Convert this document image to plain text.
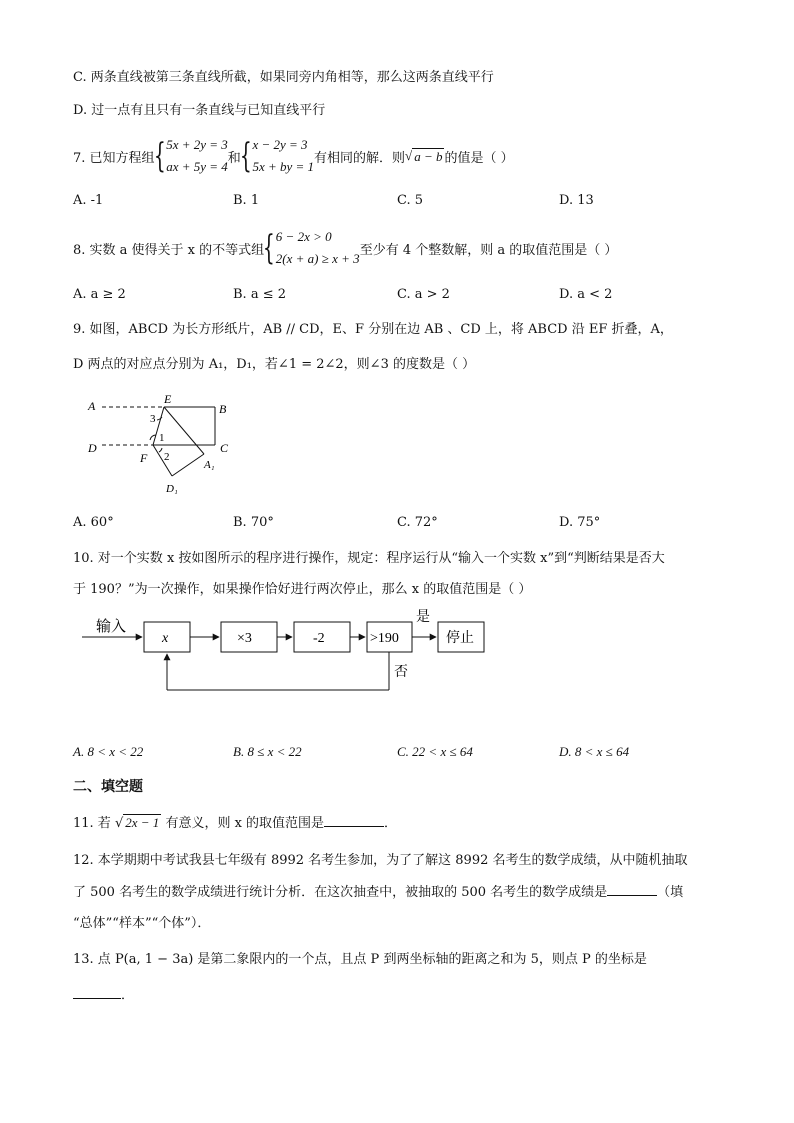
C. 两条直线被第三条直线所截，如果同旁内角相等，那么这两条直线平行
D. 过一点有且只有一条直线与已知直线平行
7. 已知方程组
{ 5x + 2y = 3
ax + 5y = 4
和
{ x − 2y = 3
5x + by = 1
有相同的解．则 √ a − b 的值是（ ）
A. -1	B. 1	C. 5	D. 13
8. 实数 a 使得关于 x 的不等式组
{ 6 − 2x > 0
2(x + a) ≥ x + 3
至少有 4 个整数解，则 a 的取值范围是（ ）
A. a ≥ 2	B. a ≤ 2	C. a > 2	D. a < 2
9. 如图，ABCD 为长方形纸片，AB // CD，E、F 分别在边 AB 、CD 上，将 ABCD 沿 EF 折叠，A，
D 两点的对应点分别为 A₁，D₁，若∠1 = 2∠2，则∠3 的度数是（ ）
A	B
C
D
E
F	A₁
D₁
1
2
3
A. 60°	B. 70°	C. 72°	D. 75°
10. 对一个实数 x 按如图所示的程序进行操作，规定：程序运行从“输入一个实数 x”到“判断结果是否大
于 190？”为一次操作，如果操作恰好进行两次停止，那么 x 的取值范围是（ ）
输入
x	×3	-2	>190	停止
是
否
A. 8 < x < 22	B. 8 ≤ x < 22	C. 22 < x ≤ 64	D. 8 < x ≤ 64
二、填空题
11. 若 √ 2x − 1 有意义，则 x 的取值范围是	．
12. 本学期期中考试我县七年级有 8992 名考生参加，为了了解这 8992 名考生的数学成绩，从中随机抽取
了 500 名考生的数学成绩进行统计分析．在这次抽查中，被抽取的 500 名考生的数学成绩是	（填
“总体”“样本”“个体”）．
13. 点 P(a, 1 − 3a) 是第二象限内的一个点，且点 P 到两坐标轴的距离之和为 5，则点 P 的坐标是
．
